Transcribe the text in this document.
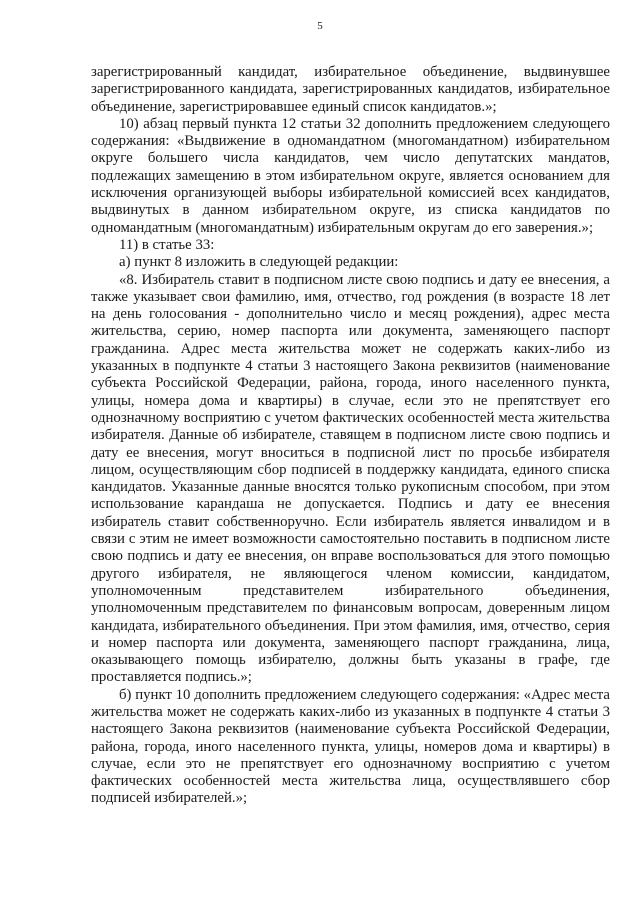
5

зарегистрированный кандидат, избирательное объединение, выдвинувшее зарегистрированного кандидата, зарегистрированных кандидатов, избирательное объединение, зарегистрировавшее единый список кандидатов.»;

10) абзац первый пункта 12 статьи 32 дополнить предложением следующего содержания: «Выдвижение в одномандатном (многомандатном) избирательном округе большего числа кандидатов, чем число депутатских мандатов, подлежащих замещению в этом избирательном округе, является основанием для исключения организующей выборы избирательной комиссией всех кандидатов, выдвинутых в данном избирательном округе, из списка кандидатов по одномандатным (многомандатным) избирательным округам до его заверения.»;

11) в статье 33:

а) пункт 8 изложить в следующей редакции:

«8. Избиратель ставит в подписном листе свою подпись и дату ее внесения, а также указывает свои фамилию, имя, отчество, год рождения (в возрасте 18 лет на день голосования - дополнительно число и месяц рождения), адрес места жительства, серию, номер паспорта или документа, заменяющего паспорт гражданина. Адрес места жительства может не содержать каких-либо из указанных в подпункте 4 статьи 3 настоящего Закона реквизитов (наименование субъекта Российской Федерации, района, города, иного населенного пункта, улицы, номера дома и квартиры) в случае, если это не препятствует его однозначному восприятию с учетом фактических особенностей места жительства избирателя. Данные об избирателе, ставящем в подписном листе свою подпись и дату ее внесения, могут вноситься в подписной лист по просьбе избирателя лицом, осуществляющим сбор подписей в поддержку кандидата, единого списка кандидатов. Указанные данные вносятся только рукописным способом, при этом использование карандаша не допускается. Подпись и дату ее внесения избиратель ставит собственноручно. Если избиратель является инвалидом и в связи с этим не имеет возможности самостоятельно поставить в подписном листе свою подпись и дату ее внесения, он вправе воспользоваться для этого помощью другого избирателя, не являющегося членом комиссии, кандидатом, уполномоченным представителем избирательного объединения, уполномоченным представителем по финансовым вопросам, доверенным лицом кандидата, избирательного объединения. При этом фамилия, имя, отчество, серия и номер паспорта или документа, заменяющего паспорт гражданина, лица, оказывающего помощь избирателю, должны быть указаны в графе, где проставляется подпись.»;

б) пункт 10 дополнить предложением следующего содержания: «Адрес места жительства может не содержать каких-либо из указанных в подпункте 4 статьи 3 настоящего Закона реквизитов (наименование субъекта Российской Федерации, района, города, иного населенного пункта, улицы, номеров дома и квартиры) в случае, если это не препятствует его однозначному восприятию с учетом фактических особенностей места жительства лица, осуществлявшего сбор подписей избирателей.»;
